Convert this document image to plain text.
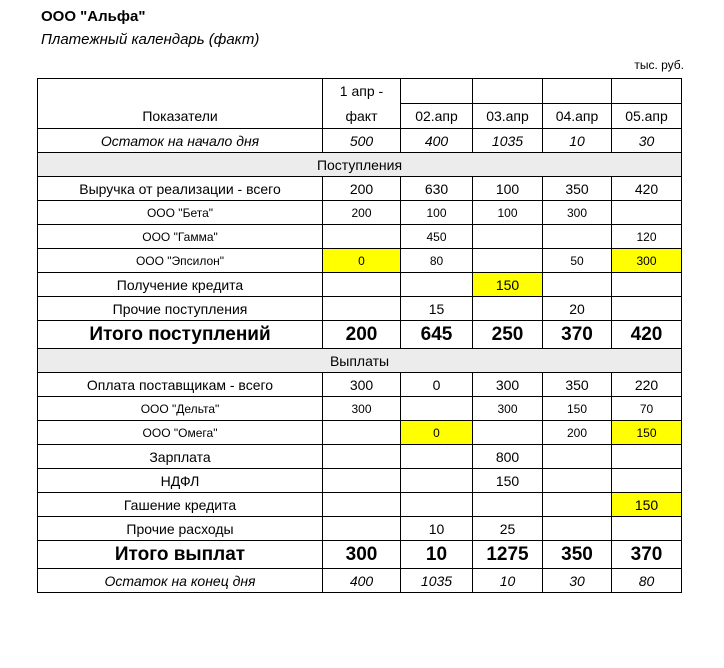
ООО "Альфа"
Платежный календарь (факт)
тыс. руб.
	1 апр -				
Показатели	факт	02.апр	03.апр	04.апр	05.апр
Остаток на начало дня	500	400	1035	10	30
Поступления					
Выручка от реализации - всего	200	630	100	350	420
ООО "Бета"	200	100	100	300	
ООО "Гамма"		450			120
ООО "Эпсилон"	0	80		50	300
Получение кредита			150		
Прочие поступления		15		20	
Итого поступлений	200	645	250	370	420
Выплаты					
Оплата поставщикам - всего	300	0	300	350	220
ООО "Дельта"	300		300	150	70
ООО "Омега"		0		200	150
Зарплата			800		
НДФЛ			150		
Гашение кредита					150
Прочие расходы		10	25		
Итого выплат	300	10	1275	350	370
Остаток на конец дня	400	1035	10	30	80
